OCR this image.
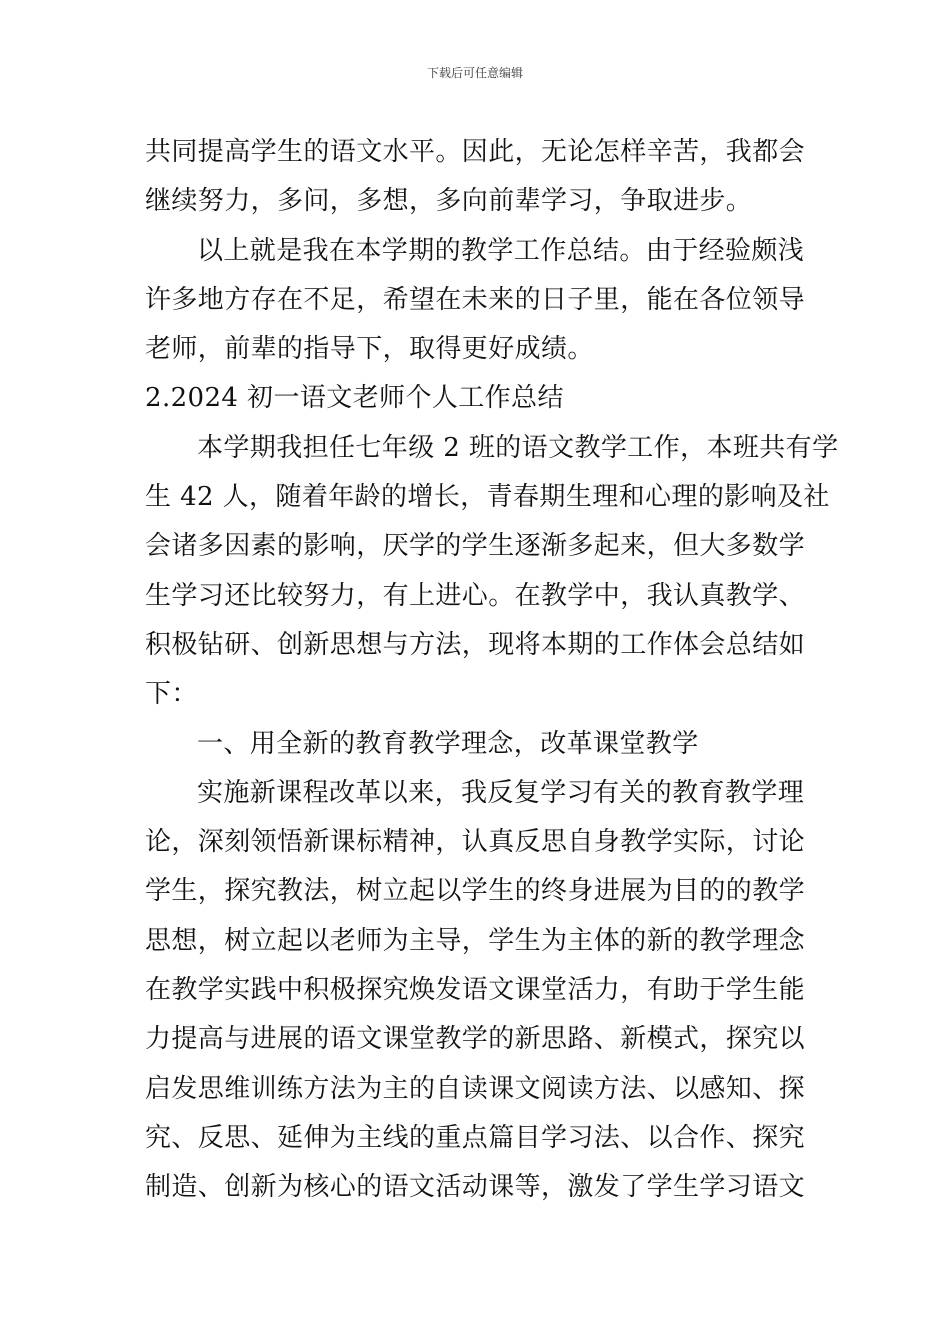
下载后可任意编辑
共同提高学生的语文水平。因此，无论怎样辛苦，我都会
继续努力，多问，多想，多向前辈学习，争取进步。
以上就是我在本学期的教学工作总结。由于经验颇浅
许多地方存在不足，希望在未来的日子里，能在各位领导
老师，前辈的指导下，取得更好成绩。
2.2024 初一语文老师个人工作总结
本学期我担任七年级 2 班的语文教学工作，本班共有学
生 42 人，随着年龄的增长，青春期生理和心理的影响及社
会诸多因素的影响，厌学的学生逐渐多起来，但大多数学
生学习还比较努力，有上进心。在教学中，我认真教学、
积极钻研、创新思想与方法，现将本期的工作体会总结如
下：
一、用全新的教育教学理念，改革课堂教学
实施新课程改革以来，我反复学习有关的教育教学理
论，深刻领悟新课标精神，认真反思自身教学实际，讨论
学生，探究教法，树立起以学生的终身进展为目的的教学
思想，树立起以老师为主导，学生为主体的新的教学理念
在教学实践中积极探究焕发语文课堂活力，有助于学生能
力提高与进展的语文课堂教学的新思路、新模式，探究以
启发思维训练方法为主的自读课文阅读方法、以感知、探
究、反思、延伸为主线的重点篇目学习法、以合作、探究
制造、创新为核心的语文活动课等，激发了学生学习语文
